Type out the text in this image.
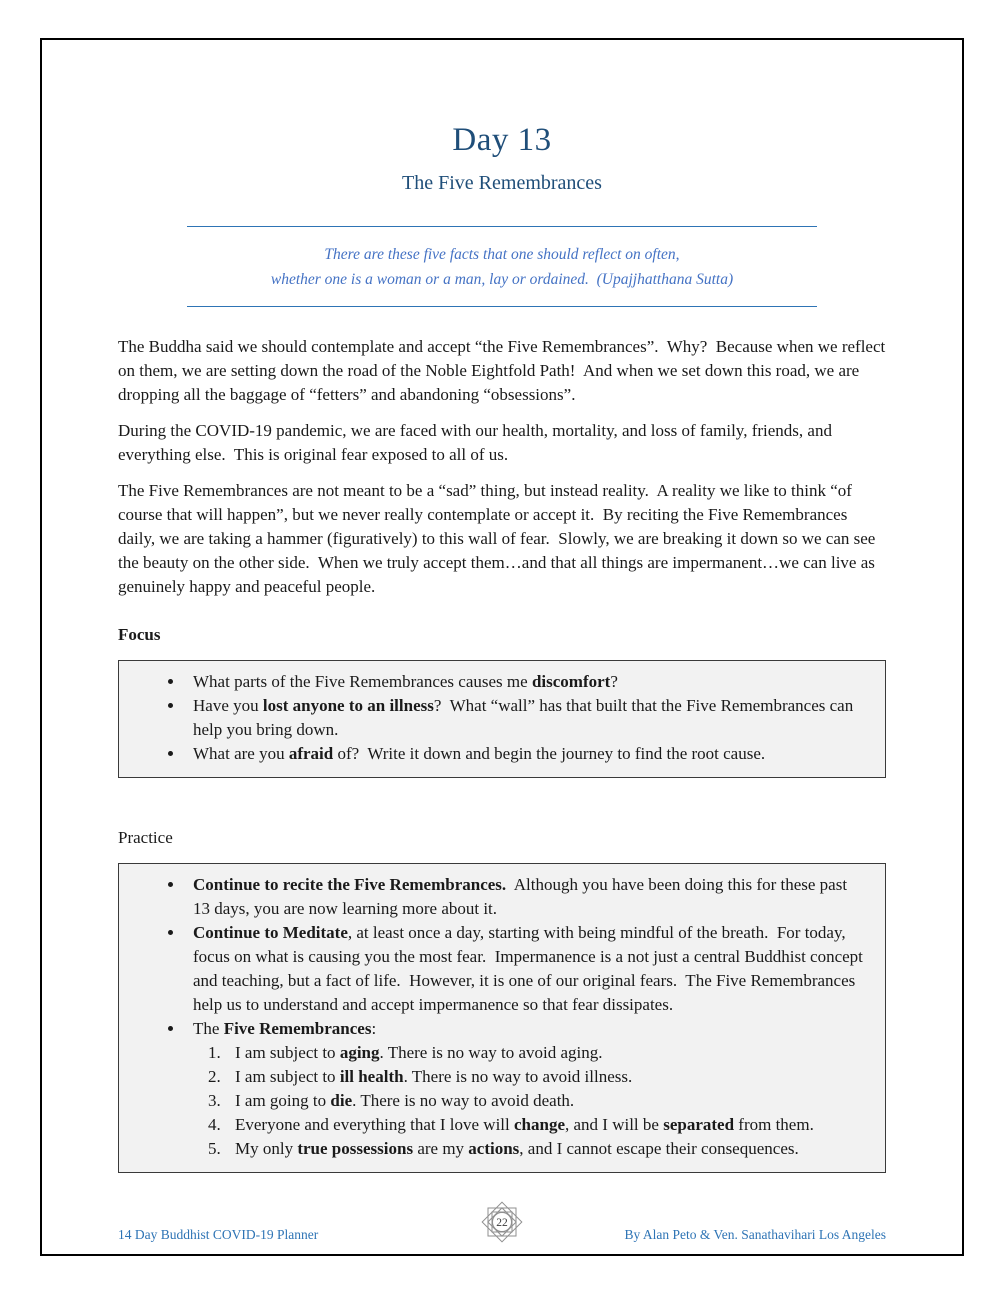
Day 13
The Five Remembrances
There are these five facts that one should reflect on often,
whether one is a woman or a man, lay or ordained.  (Upajjhatthana Sutta)

The Buddha said we should contemplate and accept “the Five Remembrances”.  Why?  Because when we reflect on them, we are setting down the road of the Noble Eightfold Path!  And when we set down this road, we are dropping all the baggage of “fetters” and abandoning “obsessions”.

During the COVID-19 pandemic, we are faced with our health, mortality, and loss of family, friends, and everything else.  This is original fear exposed to all of us.

The Five Remembrances are not meant to be a “sad” thing, but instead reality.  A reality we like to think “of course that will happen”, but we never really contemplate or accept it.  By reciting the Five Remembrances daily, we are taking a hammer (figuratively) to this wall of fear.  Slowly, we are breaking it down so we can see the beauty on the other side.  When we truly accept them…and that all things are impermanent…we can live as genuinely happy and peaceful people.

Focus
• What parts of the Five Remembrances causes me discomfort?
• Have you lost anyone to an illness?  What “wall” has that built that the Five Remembrances can help you bring down.
• What are you afraid of?  Write it down and begin the journey to find the root cause.
Practice
• Continue to recite the Five Remembrances.  Although you have been doing this for these past 13 days, you are now learning more about it.
• Continue to Meditate, at least once a day, starting with being mindful of the breath.  For today, focus on what is causing you the most fear.  Impermanence is a not just a central Buddhist concept and teaching, but a fact of life.  However, it is one of our original fears.  The Five Remembrances help us to understand and accept impermanence so that fear dissipates.
• The Five Remembrances:
1. I am subject to aging. There is no way to avoid aging.
2. I am subject to ill health. There is no way to avoid illness.
3. I am going to die. There is no way to avoid death.
4. Everyone and everything that I love will change, and I will be separated from them.
5. My only true possessions are my actions, and I cannot escape their consequences.
14 Day Buddhist COVID-19 Planner
22
By Alan Peto & Ven. Sanathavihari Los Angeles
